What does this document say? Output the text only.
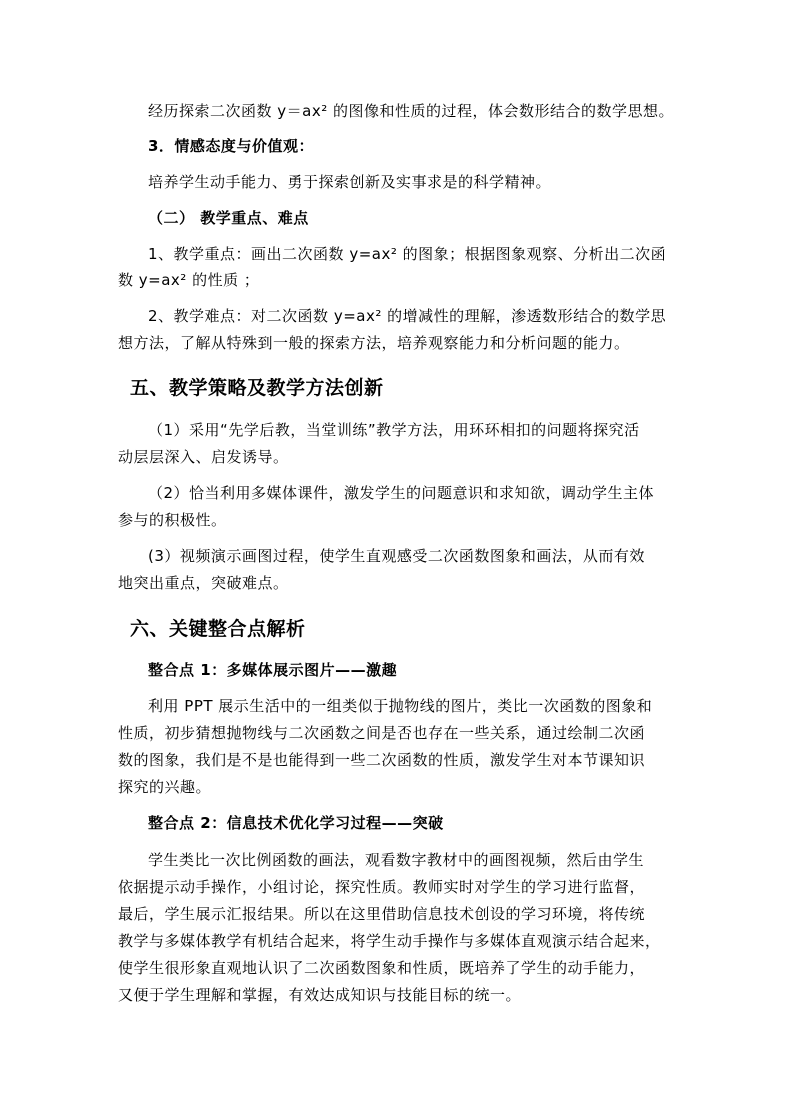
经历探索二次函数 y＝ax² 的图像和性质的过程，体会数形结合的数学思想。
3．情感态度与价值观：
培养学生动手能力、勇于探索创新及实事求是的科学精神。
（二） 教学重点、难点
1、教学重点：画出二次函数 y=ax² 的图象；根据图象观察、分析出二次函
数 y=ax² 的性质 ；
2、教学难点：对二次函数 y=ax² 的增减性的理解，渗透数形结合的数学思
想方法，了解从特殊到一般的探索方法，培养观察能力和分析问题的能力。
五、教学策略及教学方法创新
（1）采用“先学后教，当堂训练”教学方法，用环环相扣的问题将探究活
动层层深入、启发诱导。
（2）恰当利用多媒体课件，激发学生的问题意识和求知欲，调动学生主体
参与的积极性。
(3）视频演示画图过程，使学生直观感受二次函数图象和画法，从而有效
地突出重点，突破难点。
六、关键整合点解析
整合点 1：多媒体展示图片——激趣
利用 PPT 展示生活中的一组类似于抛物线的图片，类比一次函数的图象和
性质，初步猜想抛物线与二次函数之间是否也存在一些关系，通过绘制二次函
数的图象，我们是不是也能得到一些二次函数的性质，激发学生对本节课知识
探究的兴趣。
整合点 2：信息技术优化学习过程——突破
学生类比一次比例函数的画法，观看数字教材中的画图视频，然后由学生
依据提示动手操作，小组讨论，探究性质。教师实时对学生的学习进行监督，
最后，学生展示汇报结果。所以在这里借助信息技术创设的学习环境，将传统
教学与多媒体教学有机结合起来，将学生动手操作与多媒体直观演示结合起来，
使学生很形象直观地认识了二次函数图象和性质，既培养了学生的动手能力，
又便于学生理解和掌握，有效达成知识与技能目标的统一。
